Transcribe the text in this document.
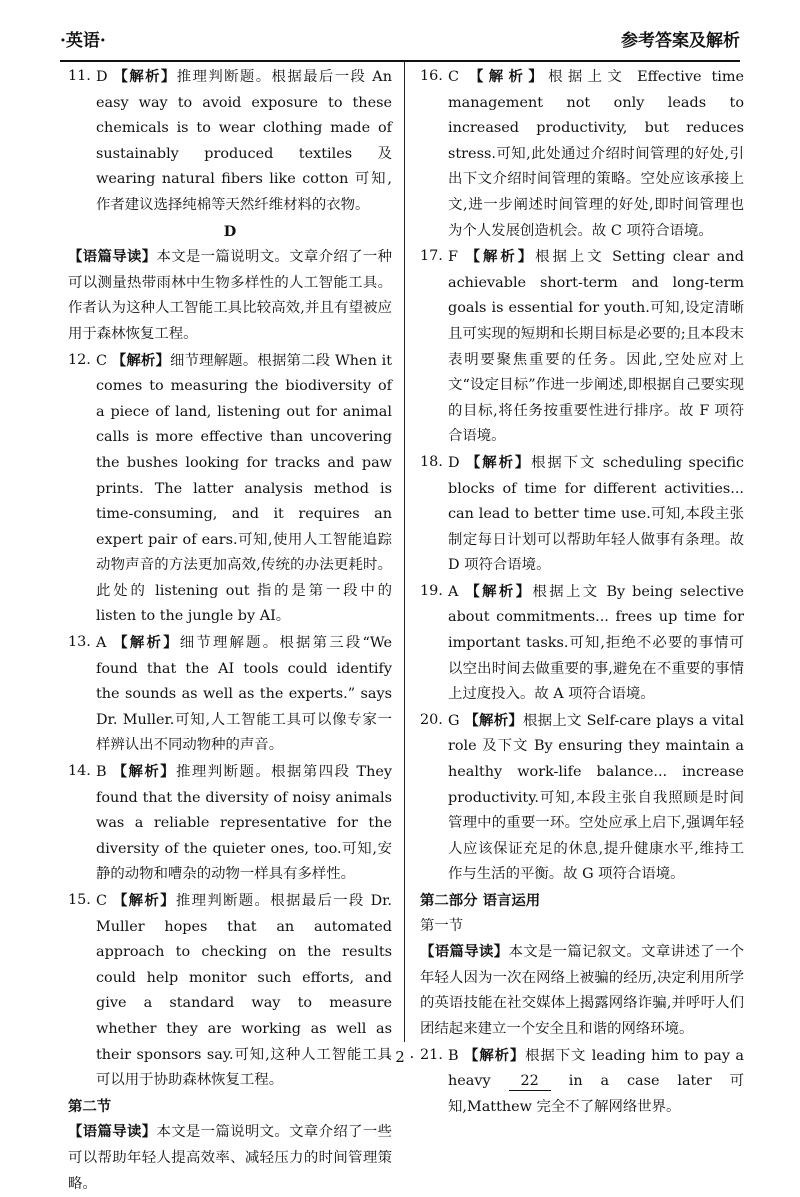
·英语·	参考答案及解析
11. D 【解析】推理判断题。根据最后一段 An easy way to avoid exposure to these chemicals is to wear clothing made of sustainably produced textiles 及 wearing natural fibers like cotton 可知,作者建议选择纯棉等天然纤维材料的衣物。

D

【语篇导读】本文是一篇说明文。文章介绍了一种可以测量热带雨林中生物多样性的人工智能工具。作者认为这种人工智能工具比较高效,并且有望被应用于森林恢复工程。

12. C 【解析】细节理解题。根据第二段 When it comes to measuring the biodiversity of a piece of land, listening out for animal calls is more effective than uncovering the bushes looking for tracks and paw prints. The latter analysis method is time-consuming, and it requires an expert pair of ears.可知,使用人工智能追踪动物声音的方法更加高效,传统的办法更耗时。此处的 listening out 指的是第一段中的 listen to the jungle by AI。
13. A 【解析】细节理解题。根据第三段“We found that the AI tools could identify the sounds as well as the experts.” says Dr. Muller.可知,人工智能工具可以像专家一样辨认出不同动物种的声音。
14. B 【解析】推理判断题。根据第四段 They found that the diversity of noisy animals was a reliable representative for the diversity of the quieter ones, too.可知,安静的动物和嘈杂的动物一样具有多样性。
15. C 【解析】推理判断题。根据最后一段 Dr. Muller hopes that an automated approach to checking on the results could help monitor such efforts, and give a standard way to measure whether they are working as well as their sponsors say.可知,这种人工智能工具可以用于协助森林恢复工程。

第二节

【语篇导读】本文是一篇说明文。文章介绍了一些可以帮助年轻人提高效率、减轻压力的时间管理策略。

16. C 【解析】根据上文 Effective time management not only leads to increased productivity, but reduces stress.可知,此处通过介绍时间管理的好处,引出下文介绍时间管理的策略。空处应该承接上文,进一步阐述时间管理的好处,即时间管理也为个人发展创造机会。故 C 项符合语境。
17. F 【解析】根据上文 Setting clear and achievable short-term and long-term goals is essential for youth.可知,设定清晰且可实现的短期和长期目标是必要的;且本段末表明要聚焦重要的任务。因此,空处应对上文“设定目标”作进一步阐述,即根据自己要实现的目标,将任务按重要性进行排序。故 F 项符合语境。
18. D 【解析】根据下文 scheduling specific blocks of time for different activities... can lead to better time use.可知,本段主张制定每日计划可以帮助年轻人做事有条理。故 D 项符合语境。
19. A 【解析】根据上文 By being selective about commitments... frees up time for important tasks.可知,拒绝不必要的事情可以空出时间去做重要的事,避免在不重要的事情上过度投入。故 A 项符合语境。
20. G 【解析】根据上文 Self-care plays a vital role 及下文 By ensuring they maintain a healthy work-life balance... increase productivity.可知,本段主张自我照顾是时间管理中的重要一环。空处应承上启下,强调年轻人应该保证充足的休息,提升健康水平,维持工作与生活的平衡。故 G 项符合语境。

第二部分 语言运用

第一节

【语篇导读】本文是一篇记叙文。文章讲述了一个年轻人因为一次在网络上被骗的经历,决定利用所学的英语技能在社交媒体上揭露网络诈骗,并呼吁人们团结起来建立一个安全且和谐的网络环境。

21. B 【解析】根据下文 leading him to pay a heavy 22 in a case later 可知,Matthew 完全不了解网络世界。
· 2 ·
